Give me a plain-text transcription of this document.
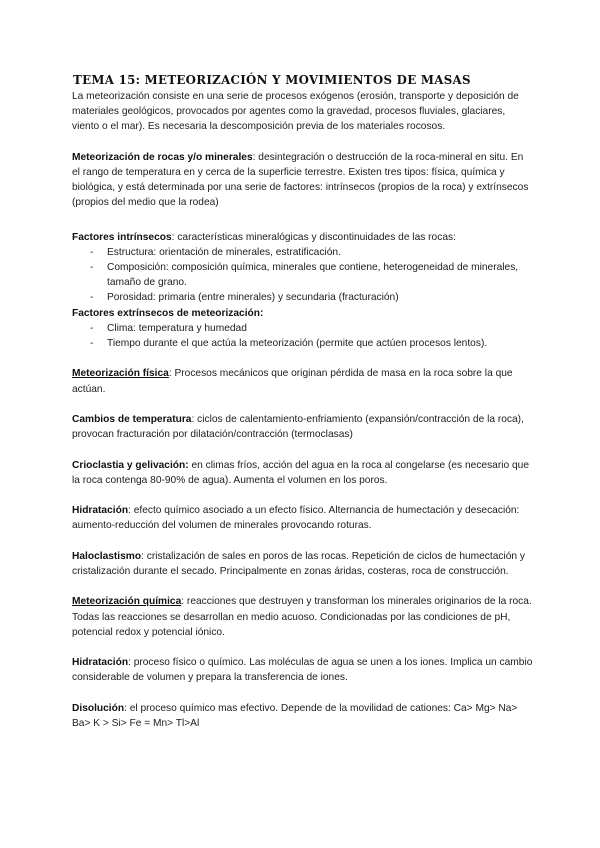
TEMA 15: METEORIZACIÓN Y MOVIMIENTOS DE MASAS

La meteorización consiste en una serie de procesos exógenos (erosión, transporte y deposición de materiales geológicos, provocados por agentes como la gravedad, procesos fluviales, glaciares, viento o el mar). Es necesaria la descomposición previa de los materiales rocosos.

Meteorización de rocas y/o minerales: desintegración o destrucción de la roca-mineral en situ. En el rango de temperatura en y cerca de la superficie terrestre. Existen tres tipos: física, química y biológica, y está determinada por una serie de factores: intrínsecos (propios de la roca) y extrínsecos (propios del medio que la rodea)

Factores intrínsecos: características mineralógicas y discontinuidades de las rocas:

- Estructura: orientación de minerales, estratificación.
- Composición: composición química, minerales que contiene, heterogeneidad de minerales, tamaño de grano.
- Porosidad: primaria (entre minerales) y secundaria (fracturación)

Factores extrínsecos de meteorización:

- Clima: temperatura y humedad
- Tiempo durante el que actúa la meteorización (permite que actúen procesos lentos).

Meteorización física: Procesos mecánicos que originan pérdida de masa en la roca sobre la que actúan.

Cambios de temperatura: ciclos de calentamiento-enfriamiento (expansión/contracción de la roca), provocan fracturación por dilatación/contracción (termoclasas)

Crioclastia y gelivación: en climas fríos, acción del agua en la roca al congelarse (es necesario que la roca contenga 80-90% de agua). Aumenta el volumen en los poros.

Hidratación: efecto químico asociado a un efecto físico. Alternancia de humectación y desecación: aumento-reducción del volumen de minerales provocando roturas.

Haloclastismo: cristalización de sales en poros de las rocas. Repetición de ciclos de humectación y cristalización durante el secado. Principalmente en zonas áridas, costeras, roca de construcción.

Meteorización química: reacciones que destruyen y transforman los minerales originarios de la roca. Todas las reacciones se desarrollan en medio acuoso. Condicionadas por las condiciones de pH, potencial redox y potencial iónico.

Hidratación: proceso físico o químico. Las moléculas de agua se unen a los iones. Implica un cambio considerable de volumen y prepara la transferencia de iones.

Disolución: el proceso químico mas efectivo. Depende de la movilidad de cationes: Ca> Mg> Na> Ba> K > Si> Fe = Mn> Tl>Al
